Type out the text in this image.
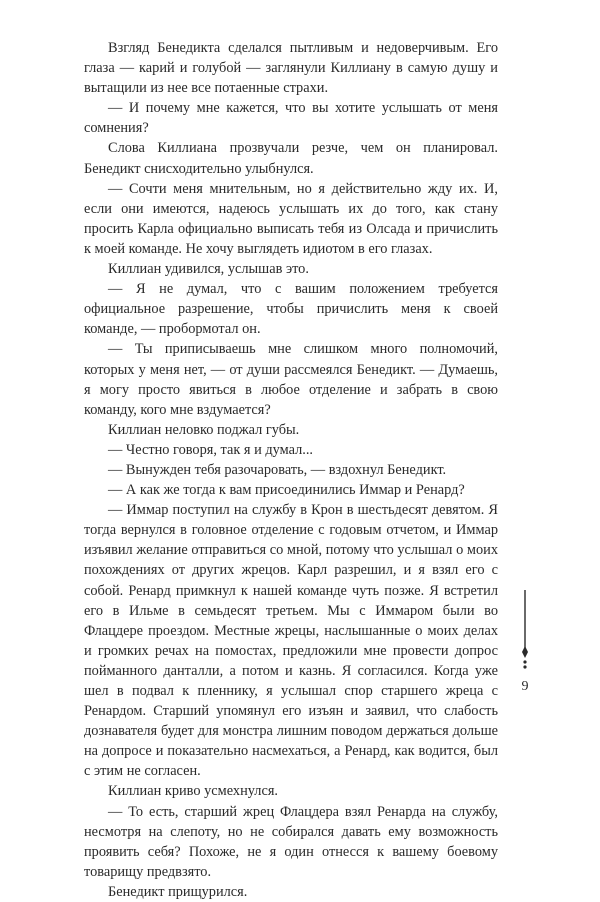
Взгляд Бенедикта сделался пытливым и недоверчивым. Его глаза — карий и голубой — заглянули Киллиану в самую душу и вытащили из нее все потаенные страхи.

— И почему мне кажется, что вы хотите услышать от меня сомнения?

Слова Киллиана прозвучали резче, чем он планировал. Бенедикт снисходительно улыбнулся.

— Сочти меня мнительным, но я действительно жду их. И, если они имеются, надеюсь услышать их до того, как стану просить Карла официально выписать тебя из Олсада и причислить к моей команде. Не хочу выглядеть идиотом в его глазах.

Киллиан удивился, услышав это.

— Я не думал, что с вашим положением требуется официальное разрешение, чтобы причислить меня к своей команде, — пробормотал он.

— Ты приписываешь мне слишком много полномочий, которых у меня нет, — от души рассмеялся Бенедикт. — Думаешь, я могу просто явиться в любое отделение и забрать в свою команду, кого мне вздумается?

Киллиан неловко поджал губы.

— Честно говоря, так я и думал...

— Вынужден тебя разочаровать, — вздохнул Бенедикт.

— А как же тогда к вам присоединились Иммар и Ренард?

— Иммар поступил на службу в Крон в шестьдесят девятом. Я тогда вернулся в головное отделение с годовым отчетом, и Иммар изъявил желание отправиться со мной, потому что услышал о моих похождениях от других жрецов. Карл разрешил, и я взял его с собой. Ренард примкнул к нашей команде чуть позже. Я встретил его в Ильме в семьдесят третьем. Мы с Иммаром были во Флацдере проездом. Местные жрецы, наслышанные о моих делах и громких речах на помостах, предложили мне провести допрос пойманного данталли, а потом и казнь. Я согласился. Когда уже шел в подвал к пленнику, я услышал спор старшего жреца с Ренардом. Старший упомянул его изъян и заявил, что слабость дознавателя будет для монстра лишним поводом держаться дольше на допросе и показательно насмехаться, а Ренард, как водится, был с этим не согласен.

Киллиан криво усмехнулся.

— То есть, старший жрец Флацдера взял Ренарда на службу, несмотря на слепоту, но не собирался давать ему возможность проявить себя? Похоже, не я один отнесся к вашему боевому товарищу предвзято.

Бенедикт прищурился.

9
